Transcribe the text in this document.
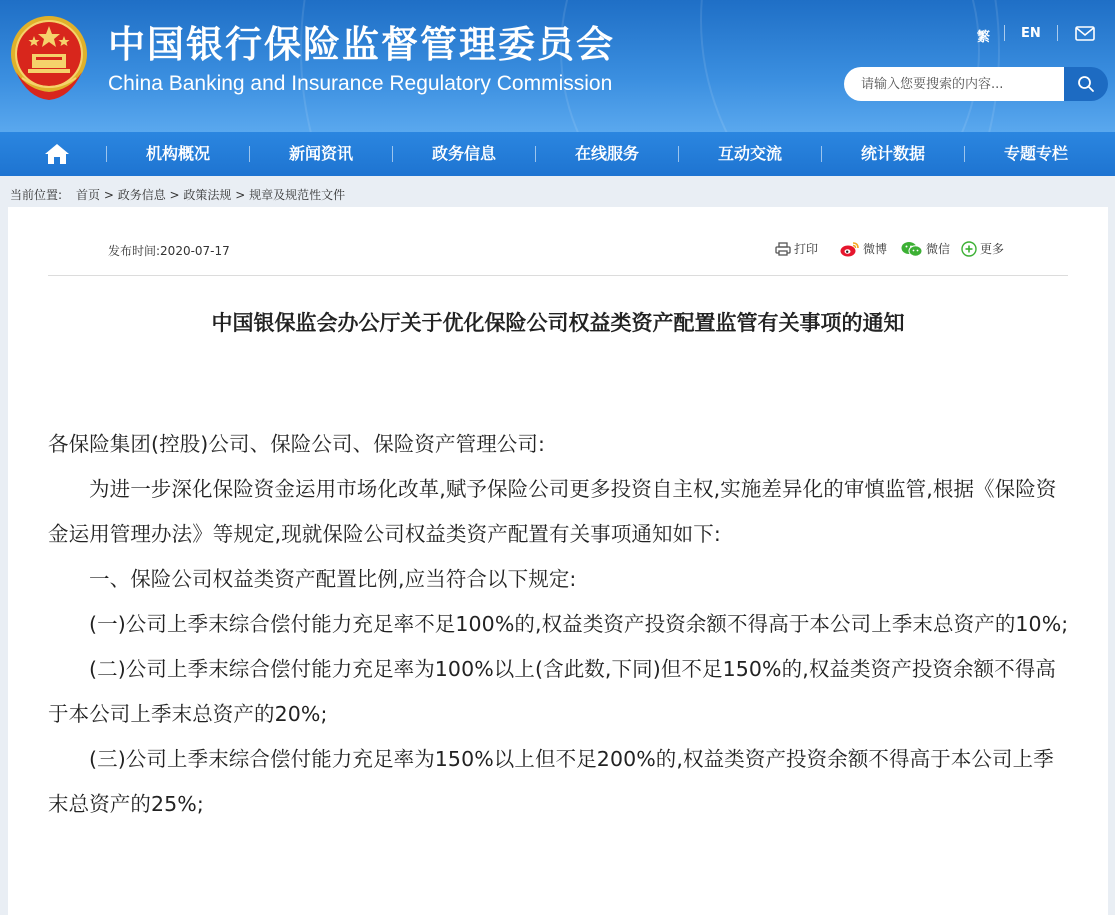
中国银行保险监督管理委员会
China Banking and Insurance Regulatory Commission
繁 EN
请输入您要搜索的内容...
机构概况	新闻资讯	政务信息	在线服务	互动交流	统计数据	专题专栏
当前位置: 首页 > 政务信息 > 政策法规 > 规章及规范性文件
发布时间:2020-07-17	打印	微博	微信 更多
中国银保监会办公厅关于优化保险公司权益类资产配置监管有关事项的通知

各保险集团(控股)公司、保险公司、保险资产管理公司:

为进一步深化保险资金运用市场化改革,赋予保险公司更多投资自主权,实施差异化的审慎监管,根据《保险资金运用管理办法》等规定,现就保险公司权益类资产配置有关事项通知如下:

一、保险公司权益类资产配置比例,应当符合以下规定:

(一)公司上季末综合偿付能力充足率不足100%的,权益类资产投资余额不得高于本公司上季末总资产的10%;

(二)公司上季末综合偿付能力充足率为100%以上(含此数,下同)但不足150%的,权益类资产投资余额不得高于本公司上季末总资产的20%;

(三)公司上季末综合偿付能力充足率为150%以上但不足200%的,权益类资产投资余额不得高于本公司上季末总资产的25%;
